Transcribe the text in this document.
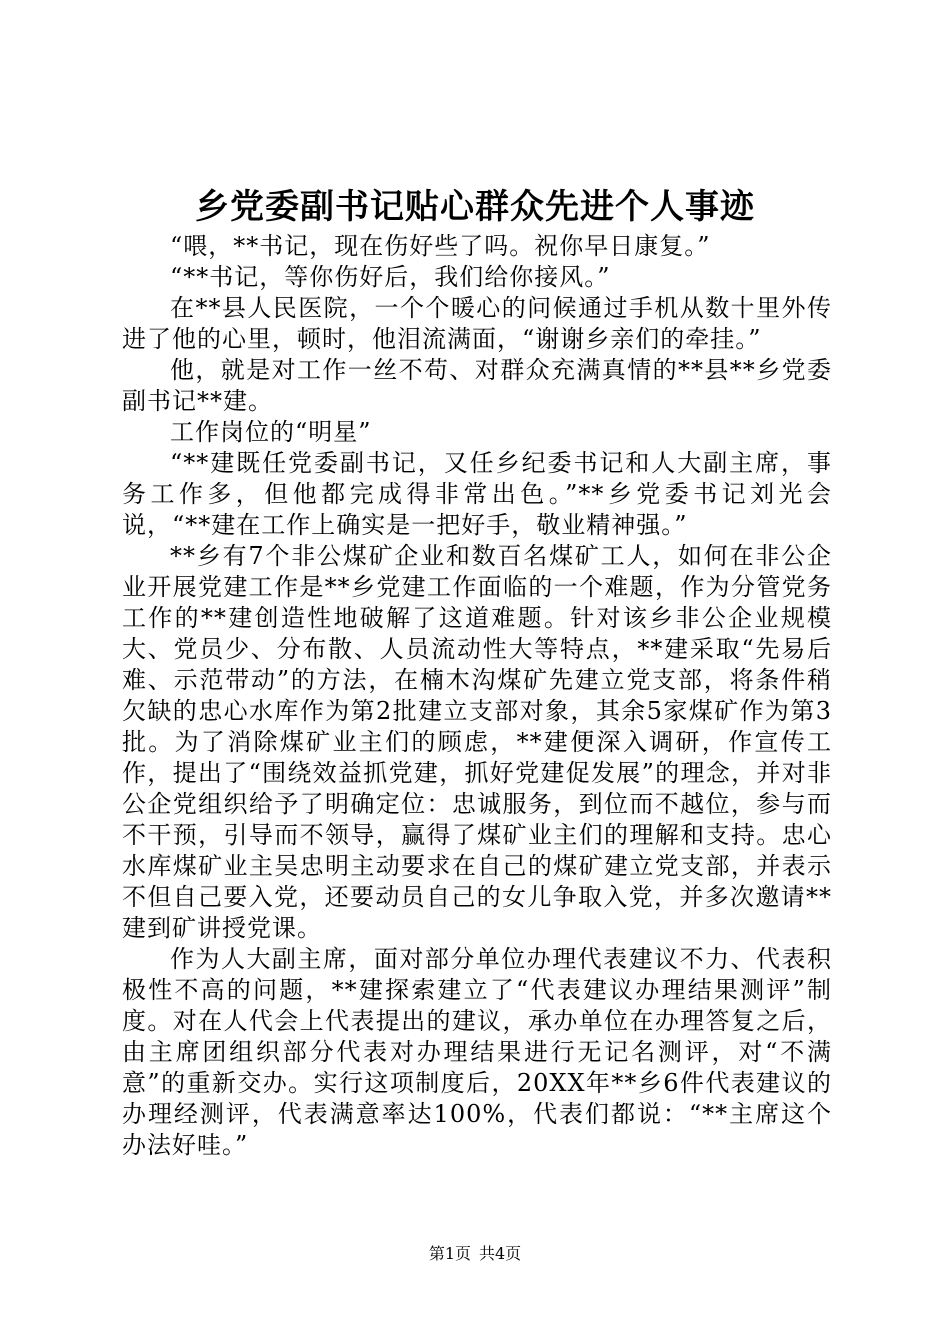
乡党委副书记贴心群众先进个人事迹

“喂，**书记，现在伤好些了吗。祝你早日康复。”

“**书记，等你伤好后，我们给你接风。”

在**县人民医院，一个个暖心的问候通过手机从数十里外传进了他的心里，顿时，他泪流满面，“谢谢乡亲们的牵挂。”

他，就是对工作一丝不苟、对群众充满真情的**县**乡党委副书记**建。

工作岗位的“明星”

“**建既任党委副书记，又任乡纪委书记和人大副主席，事务工作多，但他都完成得非常出色。”**乡党委书记刘光会说，“**建在工作上确实是一把好手，敬业精神强。”

**乡有7个非公煤矿企业和数百名煤矿工人，如何在非公企业开展党建工作是**乡党建工作面临的一个难题，作为分管党务工作的**建创造性地破解了这道难题。针对该乡非公企业规模大、党员少、分布散、人员流动性大等特点，**建采取“先易后难、示范带动”的方法，在楠木沟煤矿先建立党支部，将条件稍欠缺的忠心水库作为第2批建立支部对象，其余5家煤矿作为第3批。为了消除煤矿业主们的顾虑，**建便深入调研，作宣传工作，提出了“围绕效益抓党建，抓好党建促发展”的理念，并对非公企党组织给予了明确定位：忠诚服务，到位而不越位，参与而不干预，引导而不领导，赢得了煤矿业主们的理解和支持。忠心水库煤矿业主吴忠明主动要求在自己的煤矿建立党支部，并表示不但自己要入党，还要动员自己的女儿争取入党，并多次邀请**建到矿讲授党课。

作为人大副主席，面对部分单位办理代表建议不力、代表积极性不高的问题，**建探索建立了“代表建议办理结果测评”制度。对在人代会上代表提出的建议，承办单位在办理答复之后，由主席团组织部分代表对办理结果进行无记名测评，对“不满意”的重新交办。实行这项制度后，20XX年**乡6件代表建议的办理经测评，代表满意率达100%，代表们都说：“**主席这个办法好哇。”

第1页 共4页
